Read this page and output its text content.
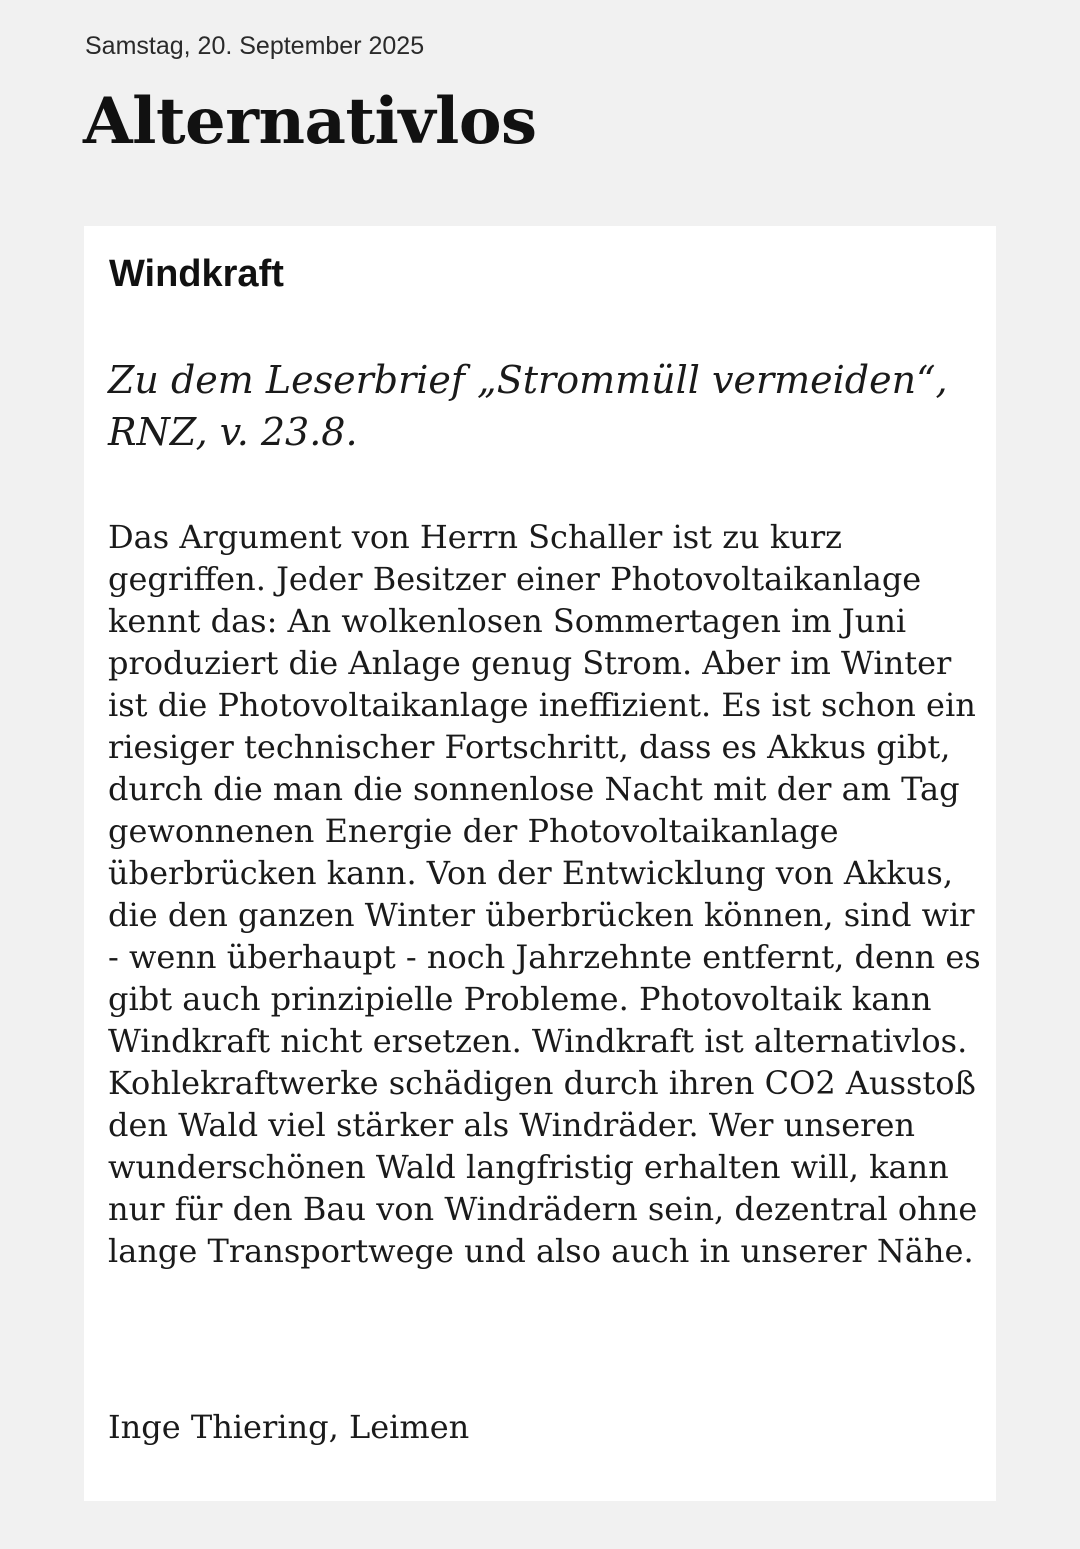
Samstag, 20. September 2025
Alternativlos
Windkraft

Zu dem Leserbrief „Strommüll vermeiden“, RNZ, v. 23.8.

Das Argument von Herrn Schaller ist zu kurz gegriffen. Jeder Besitzer einer Photovoltaikanlage kennt das: An wolkenlosen Sommertagen im Juni produziert die Anlage genug Strom. Aber im Winter ist die Photovoltaikanlage ineffizient. Es ist schon ein riesiger technischer Fortschritt, dass es Akkus gibt, durch die man die sonnenlose Nacht mit der am Tag gewonnenen Energie der Photovoltaikanlage überbrücken kann. Von der Entwicklung von Akkus, die den ganzen Winter überbrücken können, sind wir - wenn überhaupt - noch Jahrzehnte entfernt, denn es gibt auch prinzipielle Probleme. Photovoltaik kann Windkraft nicht ersetzen. Windkraft ist alternativlos. Kohlekraftwerke schädigen durch ihren CO2 Ausstoß den Wald viel stärker als Windräder. Wer unseren wunderschönen Wald langfristig erhalten will, kann nur für den Bau von Windrädern sein, dezentral ohne lange Transportwege und also auch in unserer Nähe.

Inge Thiering, Leimen
